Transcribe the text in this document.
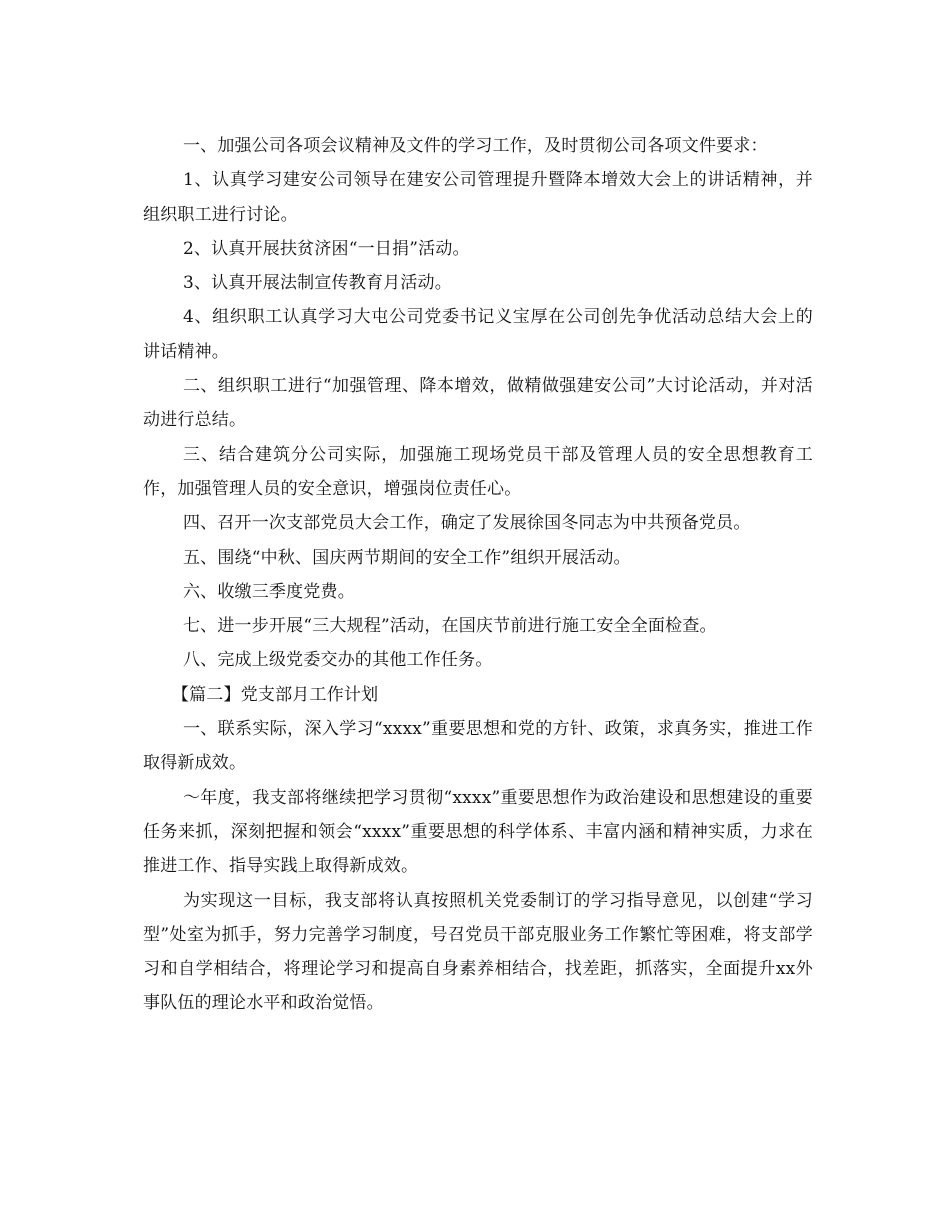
一、加强公司各项会议精神及文件的学习工作，及时贯彻公司各项文件要求：

1、认真学习建安公司领导在建安公司管理提升暨降本增效大会上的讲话精神，并组织职工进行讨论。

2、认真开展扶贫济困“一日捐”活动。

3、认真开展法制宣传教育月活动。

4、组织职工认真学习大屯公司党委书记义宝厚在公司创先争优活动总结大会上的讲话精神。

二、组织职工进行“加强管理、降本增效，做精做强建安公司”大讨论活动，并对活动进行总结。

三、结合建筑分公司实际，加强施工现场党员干部及管理人员的安全思想教育工作，加强管理人员的安全意识，增强岗位责任心。

四、召开一次支部党员大会工作，确定了发展徐国冬同志为中共预备党员。

五、围绕“中秋、国庆两节期间的安全工作”组织开展活动。

六、收缴三季度党费。

七、进一步开展“三大规程”活动，在国庆节前进行施工安全全面检查。

八、完成上级党委交办的其他工作任务。

【篇二】党支部月工作计划

一、联系实际，深入学习“xxxx”重要思想和党的方针、政策，求真务实，推进工作取得新成效。

～年度，我支部将继续把学习贯彻“xxxx”重要思想作为政治建设和思想建设的重要任务来抓，深刻把握和领会“xxxx”重要思想的科学体系、丰富内涵和精神实质，力求在推进工作、指导实践上取得新成效。

为实现这一目标，我支部将认真按照机关党委制订的学习指导意见，以创建“学习型”处室为抓手，努力完善学习制度，号召党员干部克服业务工作繁忙等困难，将支部学习和自学相结合，将理论学习和提高自身素养相结合，找差距，抓落实，全面提升xx外事队伍的理论水平和政治觉悟。
